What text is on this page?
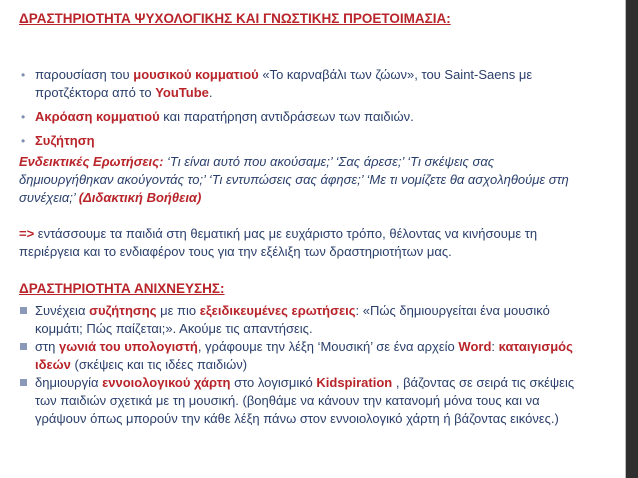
ΔΡΑΣΤΗΡΙΟΤΗΤΑ ΨΥΧΟΛΟΓΙΚΗΣ ΚΑΙ ΓΝΩΣΤΙΚΗΣ ΠΡΟΕΤΟΙΜΑΣΙΑ:

• παρουσίαση του μουσικού κομματιού «Το καρναβάλι των ζώων», του Saint-Saens με προτζέκτορα από το YouTube.
• Ακρόαση κομματιού και παρατήρηση αντιδράσεων των παιδιών.
• Συζήτηση

Ενδεικτικές Ερωτήσεις: ‘Τι είναι αυτό που ακούσαμε;’ ‘Σας άρεσε;’ ‘Τι σκέψεις σας δημιουργήθηκαν ακούγοντάς το;’ ‘Τι εντυπώσεις σας άφησε;’ ‘Με τι νομίζετε θα ασχοληθούμε στη συνέχεια;’ (Διδακτική Βοήθεια)

=> εντάσσουμε τα παιδιά στη θεματική μας με ευχάριστο τρόπο, θέλοντας να κινήσουμε τη περιέργεια και το ενδιαφέρον τους για την εξέλιξη των δραστηριοτήτων μας.

ΔΡΑΣΤΗΡΙΟΤΗΤΑ ΑΝΙΧΝΕΥΣΗΣ:

Συνέχεια συζήτησης με πιο εξειδικευμένες ερωτήσεις: «Πώς δημιουργείται ένα μουσικό κομμάτι; Πώς παίζεται;». Ακούμε τις απαντήσεις.
στη γωνιά του υπολογιστή, γράφουμε την λέξη ‘Μουσική’ σε ένα αρχείο Word: καταιγισμός ιδεών (σκέψεις και τις ιδέες παιδιών)
δημιουργία εννοιολογικού χάρτη στο λογισμικό Kidspiration , βάζοντας σε σειρά τις σκέψεις των παιδιών σχετικά με τη μουσική. (βοηθάμε να κάνουν την κατανομή μόνα τους και να γράψουν όπως μπορούν την κάθε λέξη πάνω στον εννοιολογικό χάρτη ή βάζοντας εικόνες.)
